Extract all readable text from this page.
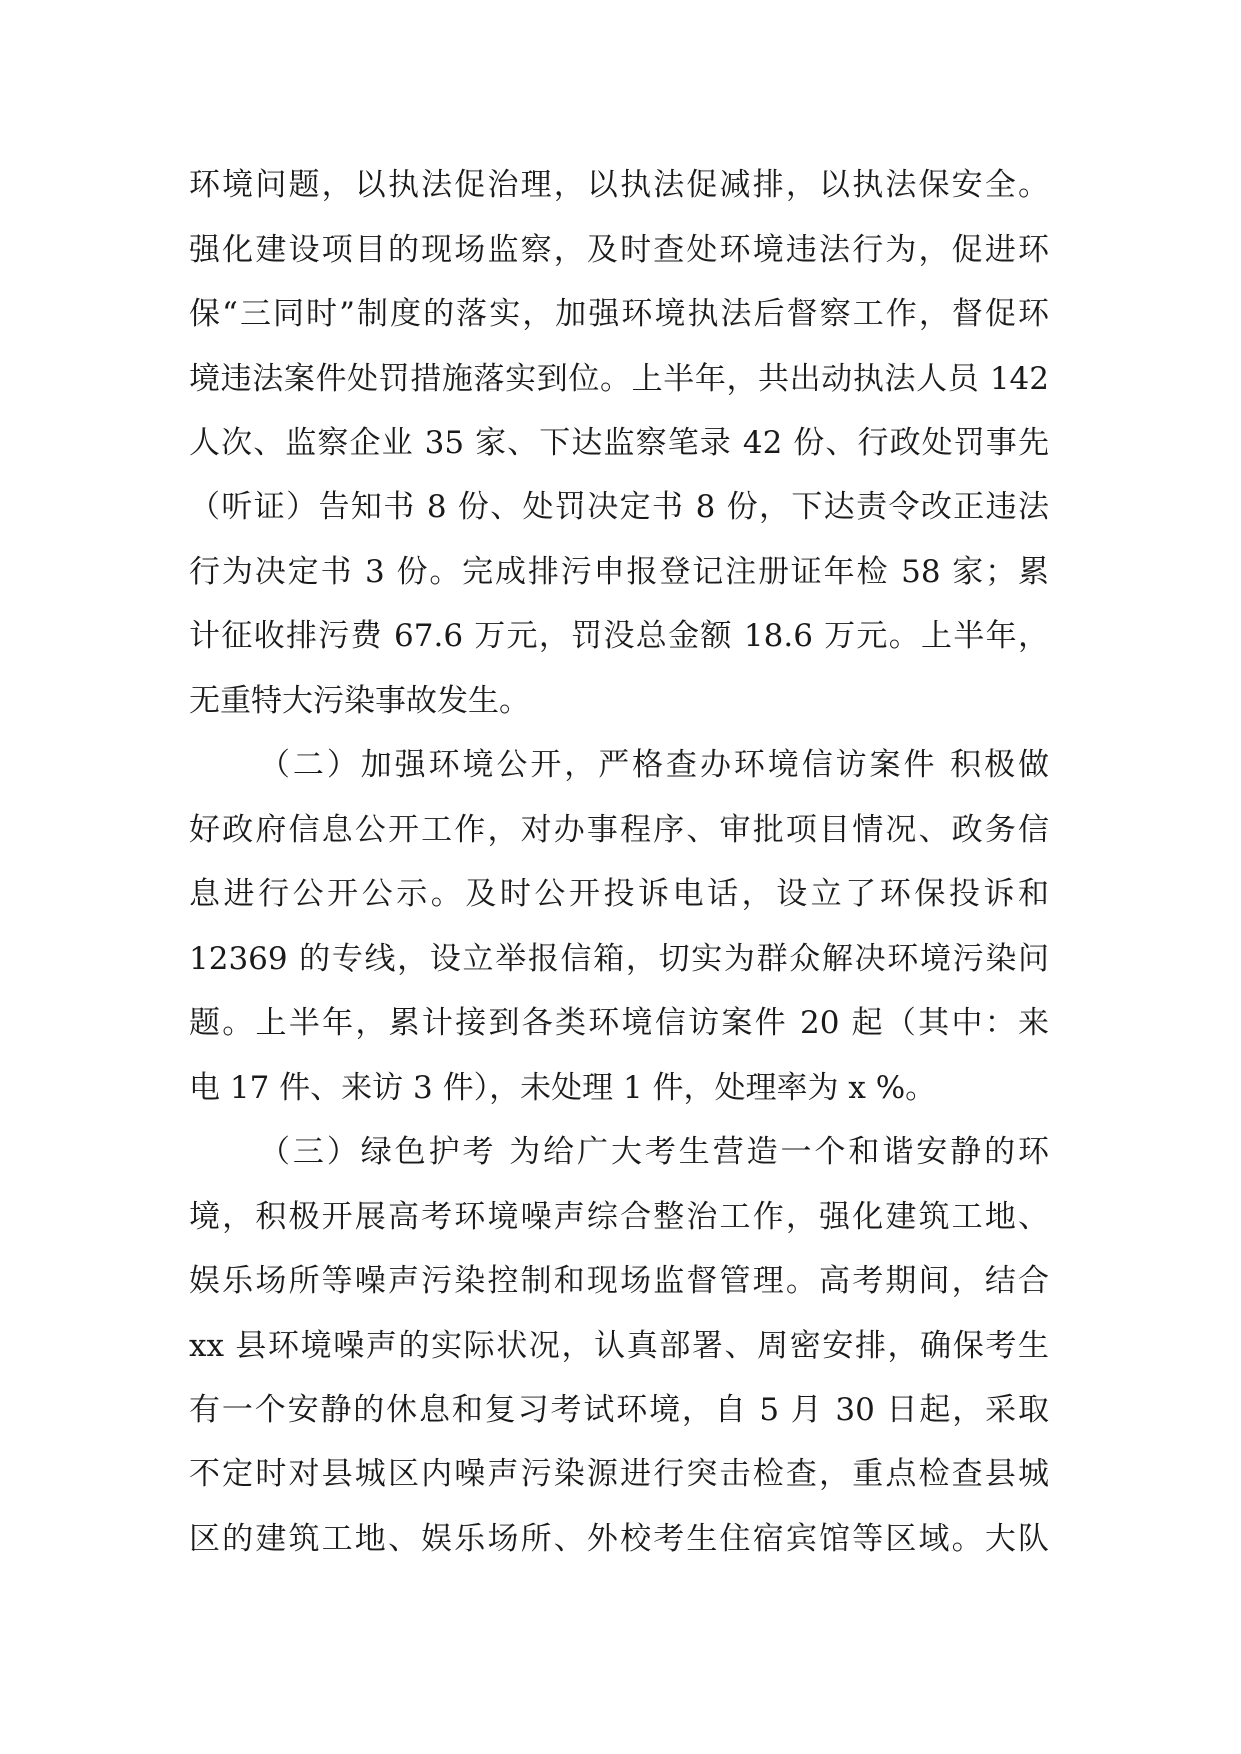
环境问题，以执法促治理，以执法促减排，以执法保安全。
强化建设项目的现场监察，及时查处环境违法行为，促进环
保“三同时”制度的落实，加强环境执法后督察工作，督促环
境违法案件处罚措施落实到位。上半年，共出动执法人员 142
人次、监察企业 35 家、下达监察笔录 42 份、行政处罚事先
（听证）告知书 8 份、处罚决定书 8 份，下达责令改正违法
行为决定书 3 份。完成排污申报登记注册证年检 58 家；累
计征收排污费 67.6 万元，罚没总金额 18.6 万元。上半年，
无重特大污染事故发生。
（二）加强环境公开，严格查办环境信访案件 积极做
好政府信息公开工作，对办事程序、审批项目情况、政务信
息进行公开公示。及时公开投诉电话，设立了环保投诉和
12369 的专线，设立举报信箱，切实为群众解决环境污染问
题。上半年，累计接到各类环境信访案件 20 起（其中：来
电 17 件、来访 3 件），未处理 1 件，处理率为 x %。
（三）绿色护考 为给广大考生营造一个和谐安静的环
境，积极开展高考环境噪声综合整治工作，强化建筑工地、
娱乐场所等噪声污染控制和现场监督管理。高考期间，结合
xx 县环境噪声的实际状况，认真部署、周密安排，确保考生
有一个安静的休息和复习考试环境，自 5 月 30 日起，采取
不定时对县城区内噪声污染源进行突击检查，重点检查县城
区的建筑工地、娱乐场所、外校考生住宿宾馆等区域。大队
